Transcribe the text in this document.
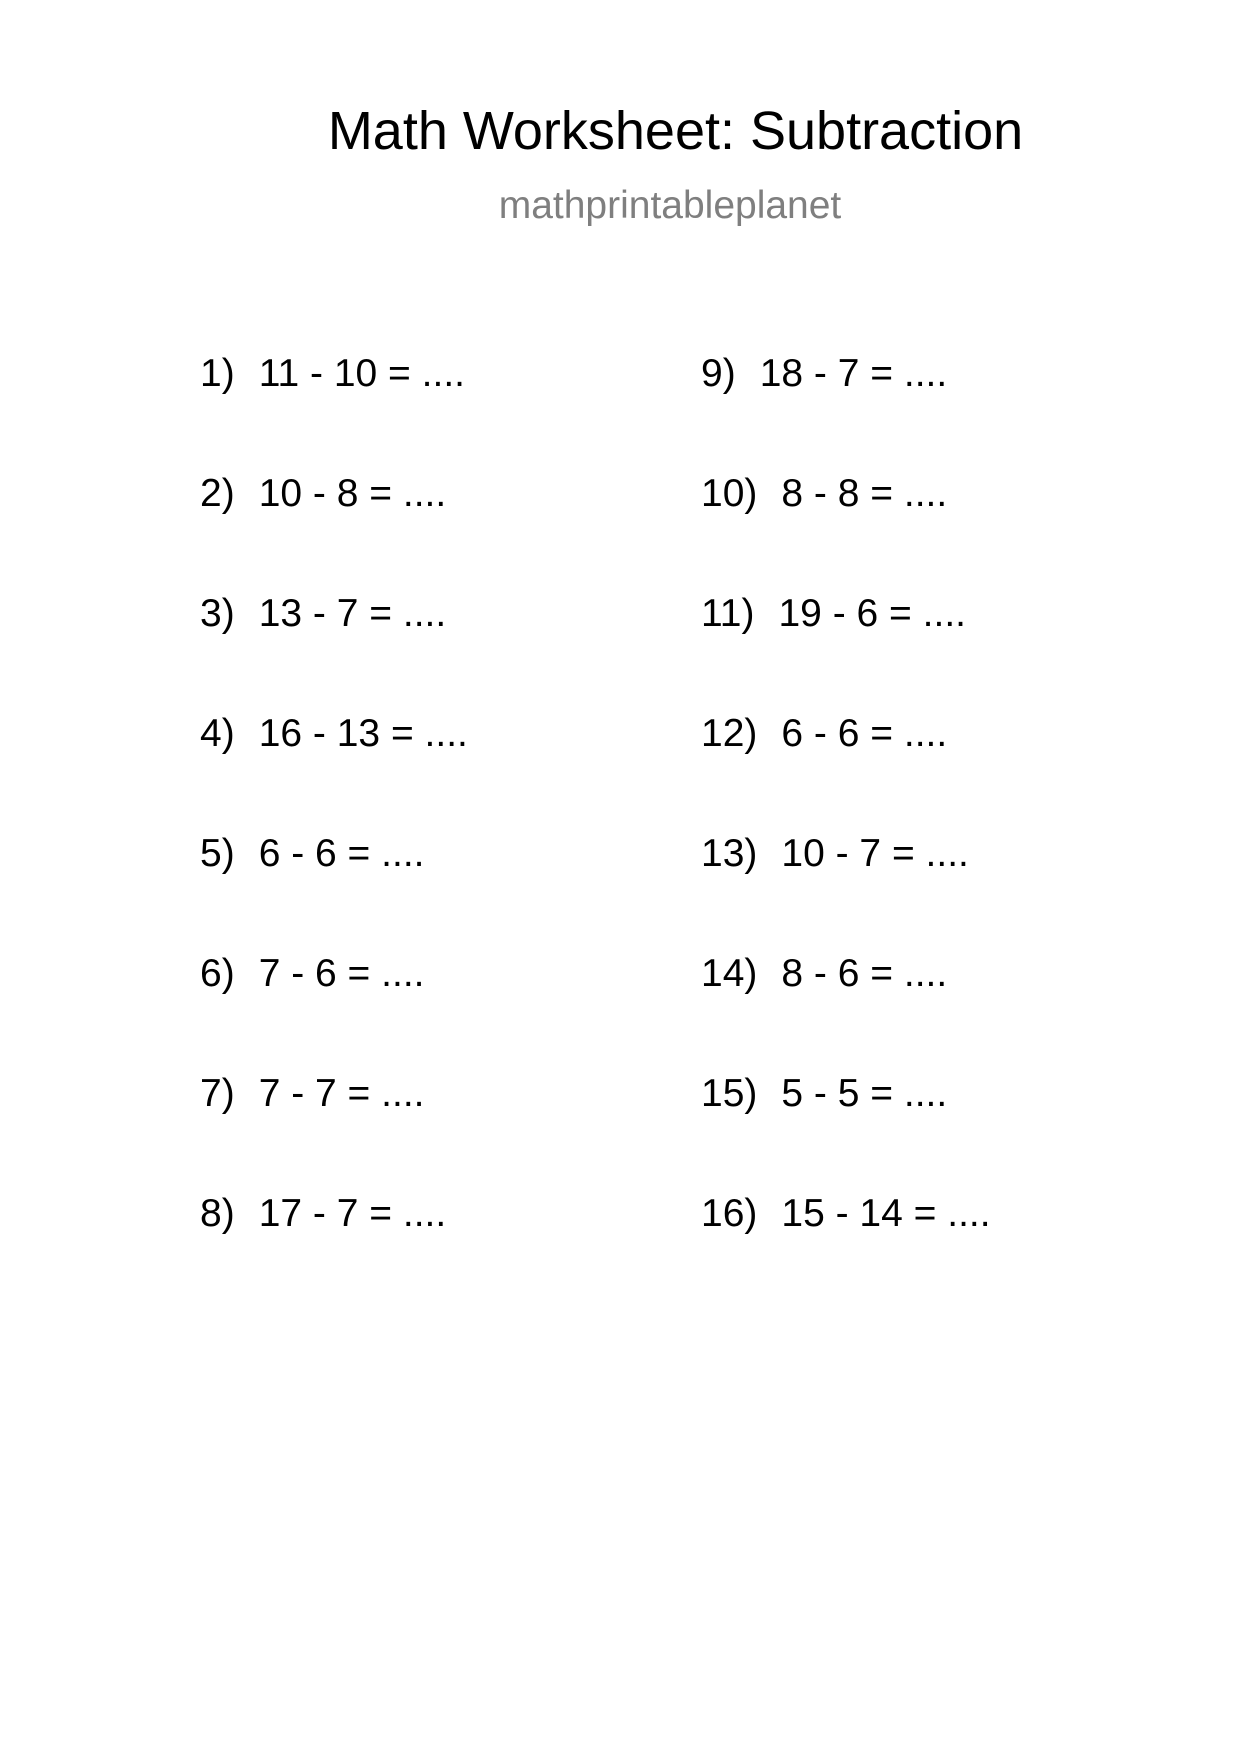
Math Worksheet: Subtraction
mathprintableplanet
1) 11 - 10 = ....
2) 10 - 8 = ....
3) 13 - 7 = ....
4) 16 - 13 = ....
5) 6 - 6 = ....
6) 7 - 6 = ....
7) 7 - 7 = ....
8) 17 - 7 = ....
9) 18 - 7 = ....
10) 8 - 8 = ....
11) 19 - 6 = ....
12) 6 - 6 = ....
13) 10 - 7 = ....
14) 8 - 6 = ....
15) 5 - 5 = ....
16) 15 - 14 = ....
